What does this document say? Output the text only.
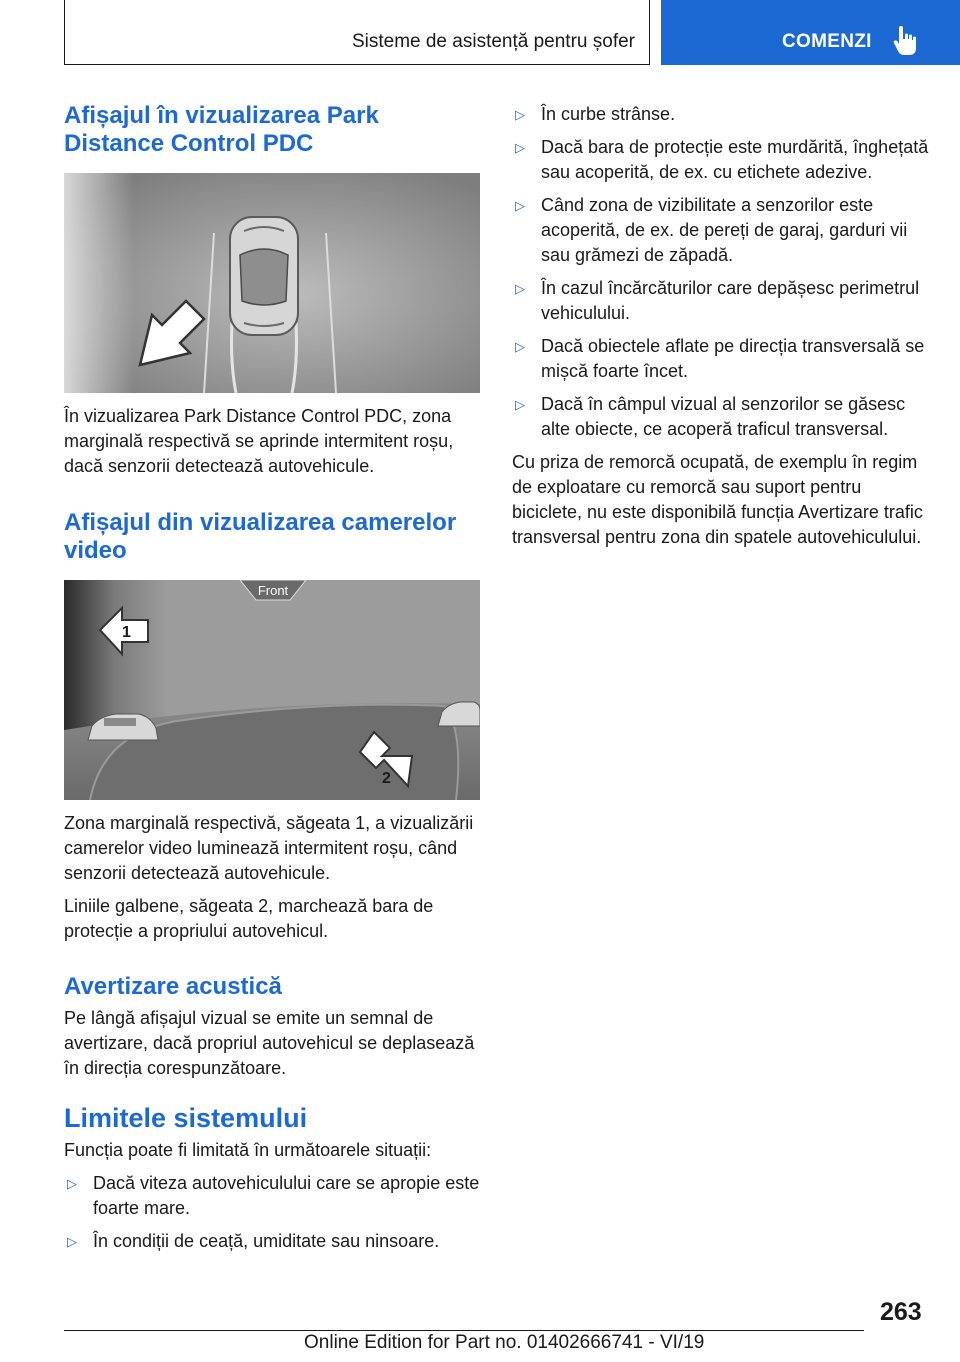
Sisteme de asistență pentru șofer	COMENZI
Afișajul în vizualizarea Park Distance Control PDC

În vizualizarea Park Distance Control PDC, zona marginală respectivă se aprinde intermitent roșu, dacă senzorii detectează autovehicule.

Afișajul din vizualizarea camerelor video
Front
1
2

Zona marginală respectivă, săgeata 1, a vizualizării camerelor video luminează intermitent roșu, când senzorii detectează autovehicule.

Liniile galbene, săgeata 2, marchează bara de protecție a propriului autovehicul.

Avertizare acustică

Pe lângă afișajul vizual se emite un semnal de avertizare, dacă propriul autovehicul se deplasează în direcția corespunzătoare.

Limitele sistemului

Funcția poate fi limitată în următoarele situații:

▷ Dacă viteza autovehiculului care se apropie este foarte mare.
▷ În condiții de ceață, umiditate sau ninsoare.
▷ În curbe strânse.
▷ Dacă bara de protecție este murdărită, înghețată sau acoperită, de ex. cu etichete adezive.
▷ Când zona de vizibilitate a senzorilor este acoperită, de ex. de pereți de garaj, garduri vii sau grămezi de zăpadă.
▷ În cazul încărcăturilor care depășesc perimetrul vehiculului.
▷ Dacă obiectele aflate pe direcția transversală se mișcă foarte încet.
▷ Dacă în câmpul vizual al senzorilor se găsesc alte obiecte, ce acoperă traficul transversal.

Cu priza de remorcă ocupată, de exemplu în regim de exploatare cu remorcă sau suport pentru biciclete, nu este disponibilă funcția Avertizare trafic transversal pentru zona din spatele autovehiculului.

263
Online Edition for Part no. 01402666741 - VI/19
